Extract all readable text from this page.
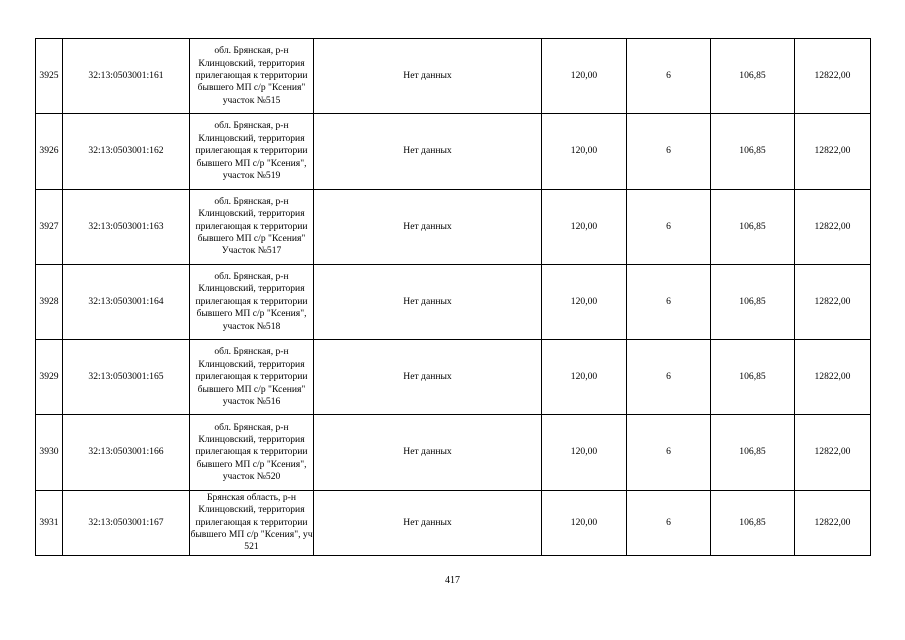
3925	32:13:0503001:161	обл. Брянская, р-н Клинцовский, территория прилегающая к территории бывшего МП с/р "Ксения" участок №515	Нет данных	120,00	6	106,85	12822,00
3926	32:13:0503001:162	обл. Брянская, р-н Клинцовский, территория прилегающая к территории бывшего МП с/р "Ксения", участок №519	Нет данных	120,00	6	106,85	12822,00
3927	32:13:0503001:163	обл. Брянская, р-н Клинцовский, территория прилегающая к территории бывшего МП с/р "Ксения" Участок №517	Нет данных	120,00	6	106,85	12822,00
3928	32:13:0503001:164	обл. Брянская, р-н Клинцовский, территория прилегающая к территории бывшего МП с/р "Ксения", участок №518	Нет данных	120,00	6	106,85	12822,00
3929	32:13:0503001:165	обл. Брянская, р-н Клинцовский, территория прилегающая к территории бывшего МП с/р "Ксения" участок №516	Нет данных	120,00	6	106,85	12822,00
3930	32:13:0503001:166	обл. Брянская, р-н Клинцовский, территория прилегающая к территории бывшего МП с/р "Ксения", участок №520	Нет данных	120,00	6	106,85	12822,00
3931	32:13:0503001:167	Брянская область, р-н Клинцовский, территория прилегающая к территории бывшего МП с/р "Ксения", уч 521	Нет данных	120,00	6	106,85	12822,00
417
